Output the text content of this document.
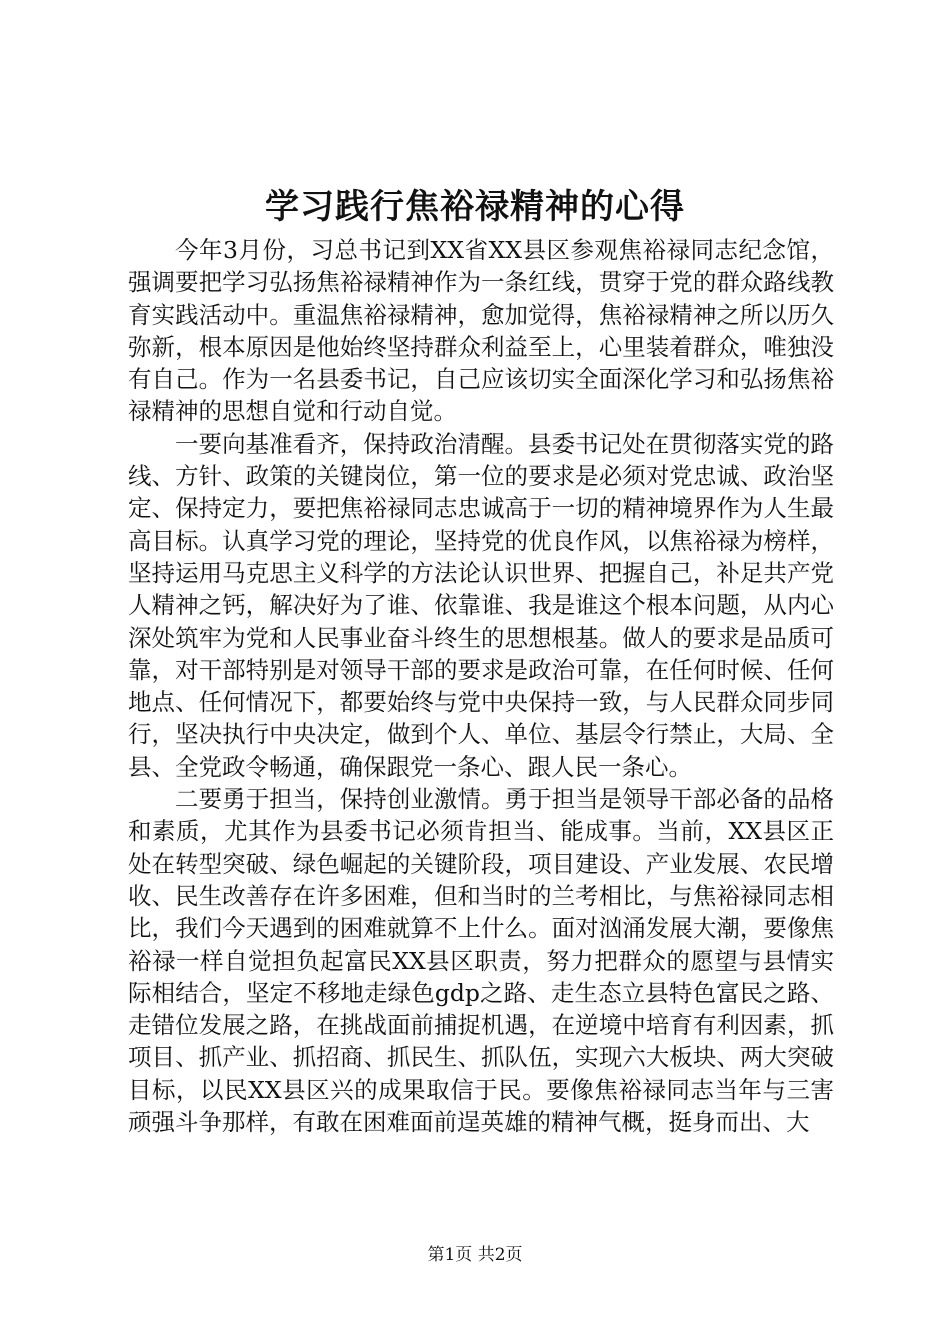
学习践行焦裕禄精神的心得

今年3月份，习总书记到XX省XX县区参观焦裕禄同志纪念馆，强调要把学习弘扬焦裕禄精神作为一条红线，贯穿于党的群众路线教育实践活动中。重温焦裕禄精神，愈加觉得，焦裕禄精神之所以历久弥新，根本原因是他始终坚持群众利益至上，心里装着群众，唯独没有自己。作为一名县委书记，自己应该切实全面深化学习和弘扬焦裕禄精神的思想自觉和行动自觉。

一要向基准看齐，保持政治清醒。县委书记处在贯彻落实党的路线、方针、政策的关键岗位，第一位的要求是必须对党忠诚、政治坚定、保持定力，要把焦裕禄同志忠诚高于一切的精神境界作为人生最高目标。认真学习党的理论，坚持党的优良作风，以焦裕禄为榜样，坚持运用马克思主义科学的方法论认识世界、把握自己，补足共产党人精神之钙，解决好为了谁、依靠谁、我是谁这个根本问题，从内心深处筑牢为党和人民事业奋斗终生的思想根基。做人的要求是品质可靠，对干部特别是对领导干部的要求是政治可靠，在任何时候、任何地点、任何情况下，都要始终与党中央保持一致，与人民群众同步同行，坚决执行中央决定，做到个人、单位、基层令行禁止，大局、全县、全党政令畅通，确保跟党一条心、跟人民一条心。

二要勇于担当，保持创业激情。勇于担当是领导干部必备的品格和素质，尤其作为县委书记必须肯担当、能成事。当前，XX县区正处在转型突破、绿色崛起的关键阶段，项目建设、产业发展、农民增收、民生改善存在许多困难，但和当时的兰考相比，与焦裕禄同志相比，我们今天遇到的困难就算不上什么。面对汹涌发展大潮，要像焦裕禄一样自觉担负起富民XX县区职责，努力把群众的愿望与县情实际相结合，坚定不移地走绿色gdp之路、走生态立县特色富民之路、走错位发展之路，在挑战面前捕捉机遇，在逆境中培育有利因素，抓项目、抓产业、抓招商、抓民生、抓队伍，实现六大板块、两大突破目标，以民XX县区兴的成果取信于民。要像焦裕禄同志当年与三害顽强斗争那样，有敢在困难面前逞英雄的精神气概，挺身而出、大

第1页 共2页
